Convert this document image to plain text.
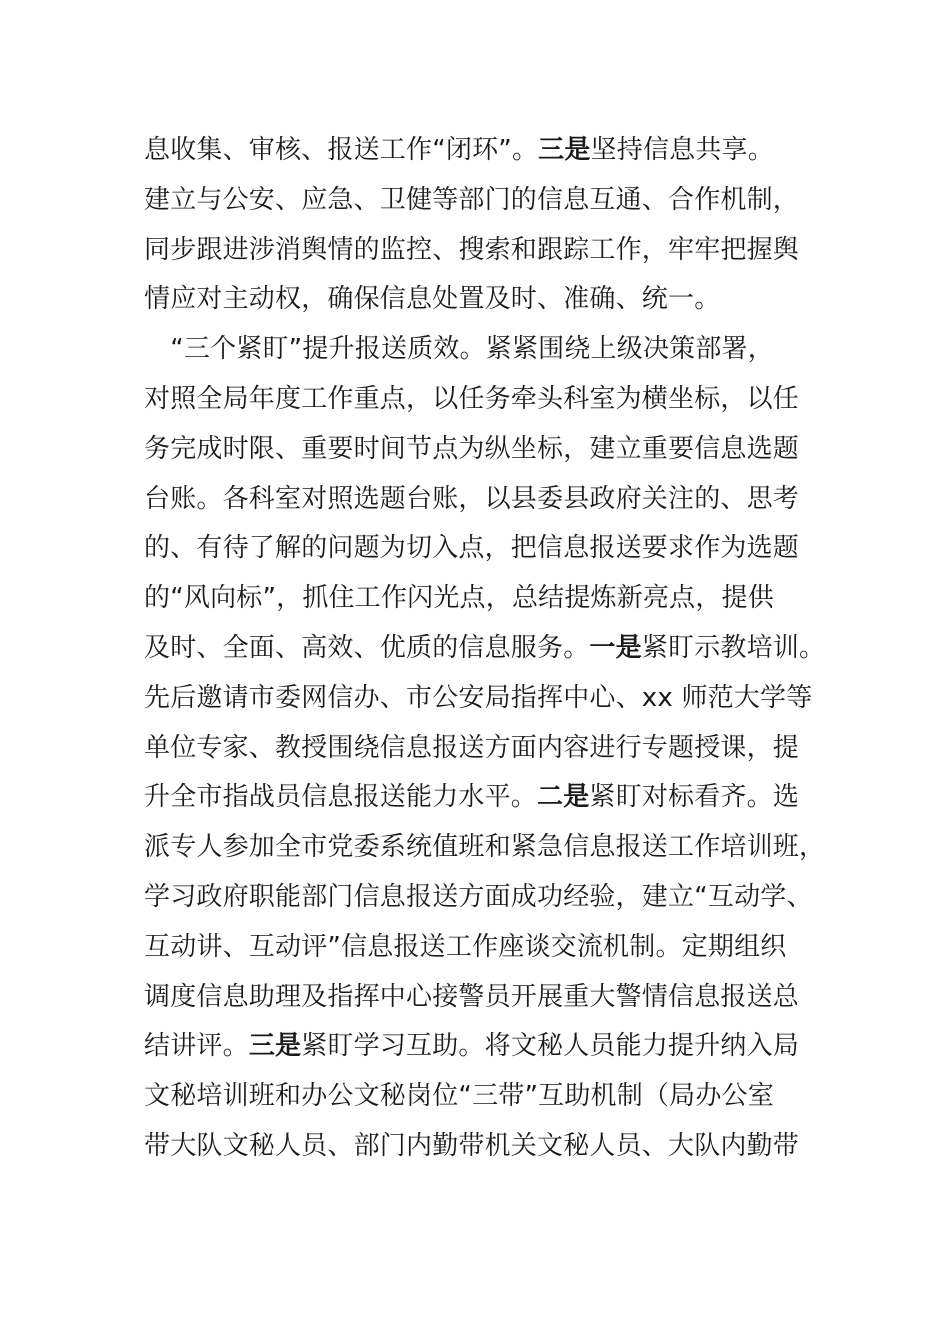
息收集、审核、报送工作“闭环”。三是坚持信息共享。
建立与公安、应急、卫健等部门的信息互通、合作机制，
同步跟进涉消舆情的监控、搜索和跟踪工作，牢牢把握舆
情应对主动权，确保信息处置及时、准确、统一。
　“三个紧盯”提升报送质效。紧紧围绕上级决策部署，
对照全局年度工作重点，以任务牵头科室为横坐标，以任
务完成时限、重要时间节点为纵坐标，建立重要信息选题
台账。各科室对照选题台账，以县委县政府关注的、思考
的、有待了解的问题为切入点，把信息报送要求作为选题
的“风向标”，抓住工作闪光点，总结提炼新亮点，提供
及时、全面、高效、优质的信息服务。一是紧盯示教培训。
先后邀请市委网信办、市公安局指挥中心、xx 师范大学等
单位专家、教授围绕信息报送方面内容进行专题授课，提
升全市指战员信息报送能力水平。二是紧盯对标看齐。选
派专人参加全市党委系统值班和紧急信息报送工作培训班，
学习政府职能部门信息报送方面成功经验，建立“互动学、
互动讲、互动评”信息报送工作座谈交流机制。定期组织
调度信息助理及指挥中心接警员开展重大警情信息报送总
结讲评。三是紧盯学习互助。将文秘人员能力提升纳入局
文秘培训班和办公文秘岗位“三带”互助机制（局办公室
带大队文秘人员、部门内勤带机关文秘人员、大队内勤带
